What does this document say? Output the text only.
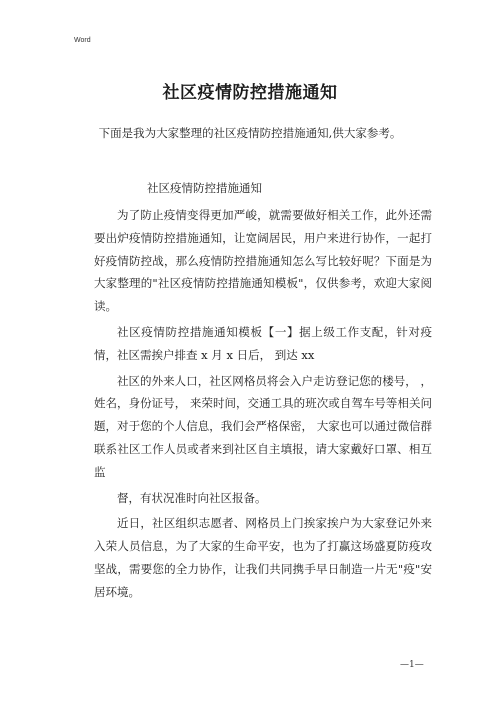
Word
社区疫情防控措施通知
下面是我为大家整理的社区疫情防控措施通知,供大家参考。
社区疫情防控措施通知

为了防止疫情变得更加严峻，就需要做好相关工作，此外还需要出炉疫情防控措施通知，让宽阔居民，用户来进行协作，一起打好疫情防控战，那么疫情防控措施通知怎么写比较好呢？下面是为大家整理的"社区疫情防控措施通知模板"，仅供参考，欢迎大家阅读。

社区疫情防控措施通知模板【一】据上级工作支配，针对疫情，社区需挨户排查 x 月 x 日后， 到达 xx

社区的外来人口，社区网格员将会入户走访登记您的楼号， ，姓名，身份证号， 来荣时间，交通工具的班次或自驾车号等相关问题，对于您的个人信息，我们会严格保密， 大家也可以通过微信群联系社区工作人员或者来到社区自主填报，请大家戴好口罩、相互监

督，有状况准时向社区报备。

近日，社区组织志愿者、网格员上门挨家挨户为大家登记外来入荣人员信息，为了大家的生命平安，也为了打赢这场盛夏防疫攻坚战，需要您的全力协作，让我们共同携手早日制造一片无"疫"安居环境。

—1—
